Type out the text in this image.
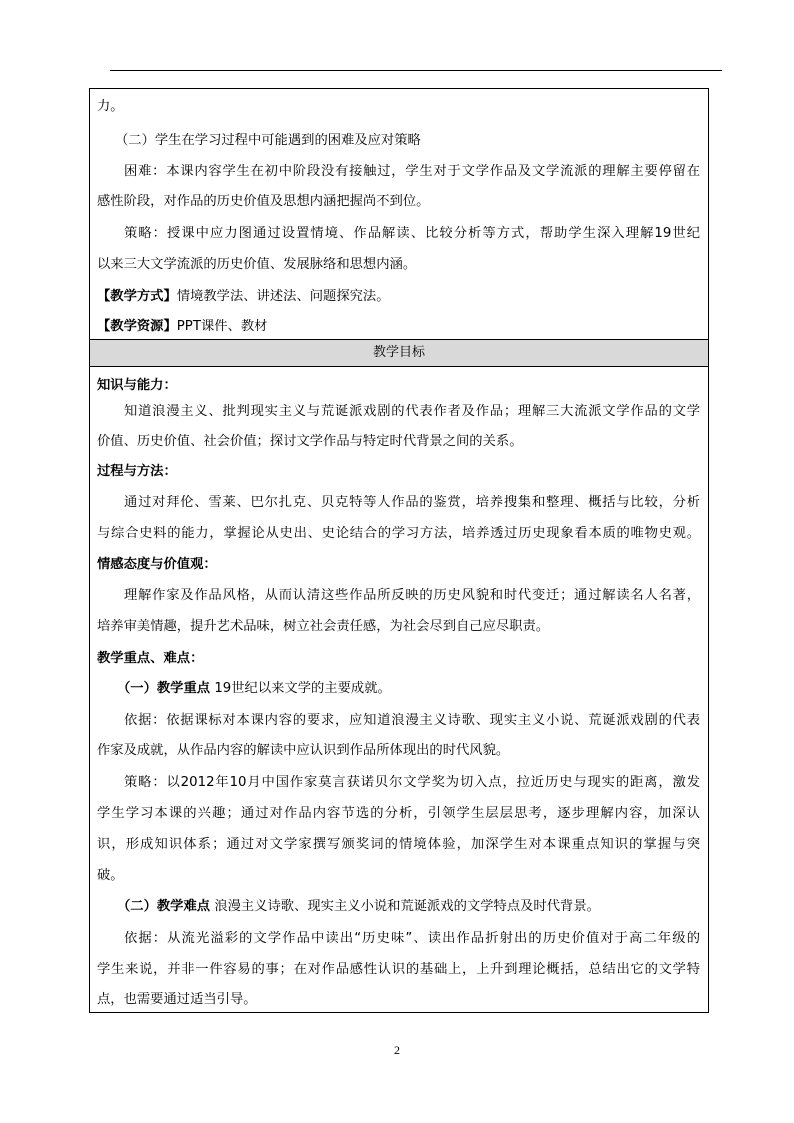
力。
（二）学生在学习过程中可能遇到的困难及应对策略
困难：本课内容学生在初中阶段没有接触过，学生对于文学作品及文学流派的理解主要停留在
感性阶段，对作品的历史价值及思想内涵把握尚不到位。
策略：授课中应力图通过设置情境、作品解读、比较分析等方式，帮助学生深入理解19世纪
以来三大文学流派的历史价值、发展脉络和思想内涵。
【教学方式】情境教学法、讲述法、问题探究法。
【教学资源】PPT课件、教材
教学目标
知识与能力：
知道浪漫主义、批判现实主义与荒诞派戏剧的代表作者及作品；理解三大流派文学作品的文学
价值、历史价值、社会价值；探讨文学作品与特定时代背景之间的关系。
过程与方法：
通过对拜伦、雪莱、巴尔扎克、贝克特等人作品的鉴赏，培养搜集和整理、概括与比较，分析
与综合史料的能力，掌握论从史出、史论结合的学习方法，培养透过历史现象看本质的唯物史观。
情感态度与价值观：
理解作家及作品风格，从而认清这些作品所反映的历史风貌和时代变迁；通过解读名人名著，
培养审美情趣，提升艺术品味，树立社会责任感，为社会尽到自己应尽职责。
教学重点、难点：
（一）教学重点 19世纪以来文学的主要成就。
依据：依据课标对本课内容的要求，应知道浪漫主义诗歌、现实主义小说、荒诞派戏剧的代表
作家及成就，从作品内容的解读中应认识到作品所体现出的时代风貌。
策略：以2012年10月中国作家莫言获诺贝尔文学奖为切入点，拉近历史与现实的距离，激发
学生学习本课的兴趣；通过对作品内容节选的分析，引领学生层层思考，逐步理解内容，加深认
识，形成知识体系；通过对文学家撰写颁奖词的情境体验，加深学生对本课重点知识的掌握与突
破。
（二）教学难点 浪漫主义诗歌、现实主义小说和荒诞派戏的文学特点及时代背景。
依据：从流光溢彩的文学作品中读出“历史味”、读出作品折射出的历史价值对于高二年级的
学生来说，并非一件容易的事；在对作品感性认识的基础上，上升到理论概括，总结出它的文学特
点，也需要通过适当引导。
2
